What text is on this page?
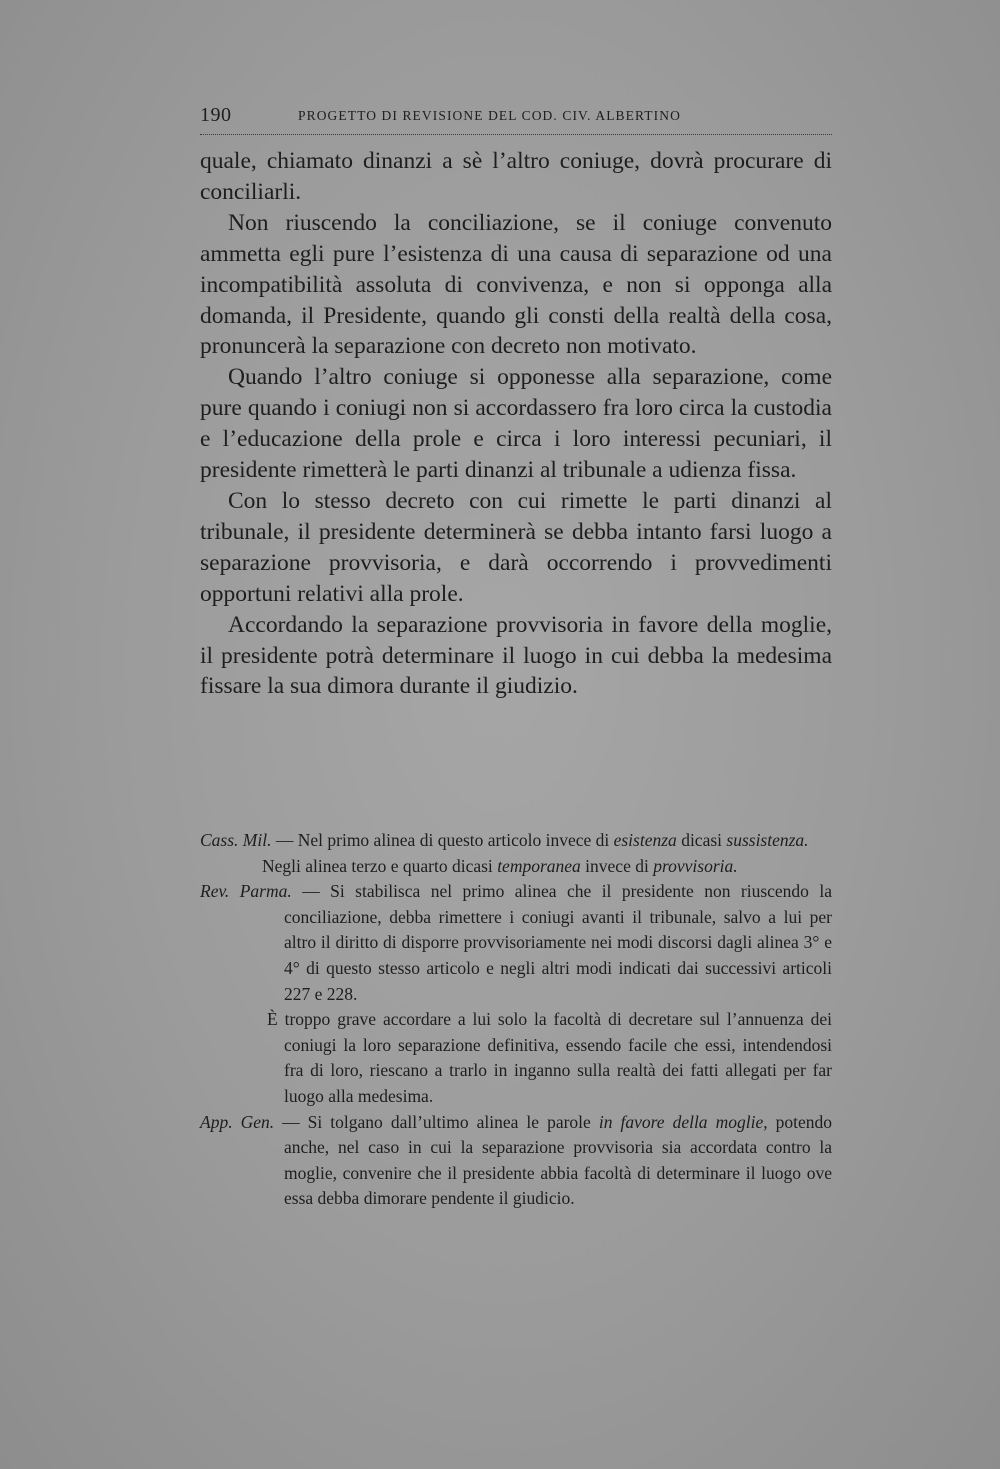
190	PROGETTO DI REVISIONE DEL COD. CIV. ALBERTINO

quale, chiamato dinanzi a sè l’altro coniuge, dovrà procurare di conciliarli.

Non riuscendo la conciliazione, se il coniuge convenuto ammetta egli pure l’esistenza di una causa di separazione od una incompatibilità assoluta di convivenza, e non si opponga alla domanda, il Presidente, quando gli consti della realtà della cosa, pronuncerà la separazione con decreto non motivato.

Quando l’altro coniuge si opponesse alla separazione, come pure quando i coniugi non si accordassero fra loro circa la custodia e l’educazione della prole e circa i loro interessi pecuniari, il presidente rimetterà le parti dinanzi al tribunale a udienza fissa.

Con lo stesso decreto con cui rimette le parti dinanzi al tribunale, il presidente determinerà se debba intanto farsi luogo a separazione provvisoria, e darà occorrendo i provvedimenti opportuni relativi alla prole.

Accordando la separazione provvisoria in favore della moglie, il presidente potrà determinare il luogo in cui debba la medesima fissare la sua dimora durante il giudizio.

Cass. Mil. — Nel primo alinea di questo articolo invece di esistenza dicasi sussistenza.

Negli alinea terzo e quarto dicasi temporanea invece di provvisoria.

Rev. Parma. — Si stabilisca nel primo alinea che il presidente non riuscendo la conciliazione, debba rimettere i coniugi avanti il tribunale, salvo a lui per altro il diritto di disporre provvisoriamente nei modi discorsi dagli alinea 3° e 4° di questo stesso articolo e negli altri modi indicati dai successivi articoli 227 e 228.

È troppo grave accordare a lui solo la facoltà di decretare sul l’annuenza dei coniugi la loro separazione definitiva, essendo facile che essi, intendendosi fra di loro, riescano a trarlo in inganno sulla realtà dei fatti allegati per far luogo alla medesima.

App. Gen. — Si tolgano dall’ultimo alinea le parole in favore della moglie, potendo anche, nel caso in cui la separazione provvisoria sia accordata contro la moglie, convenire che il presidente abbia facoltà di determinare il luogo ove essa debba dimorare pendente il giudicio.
